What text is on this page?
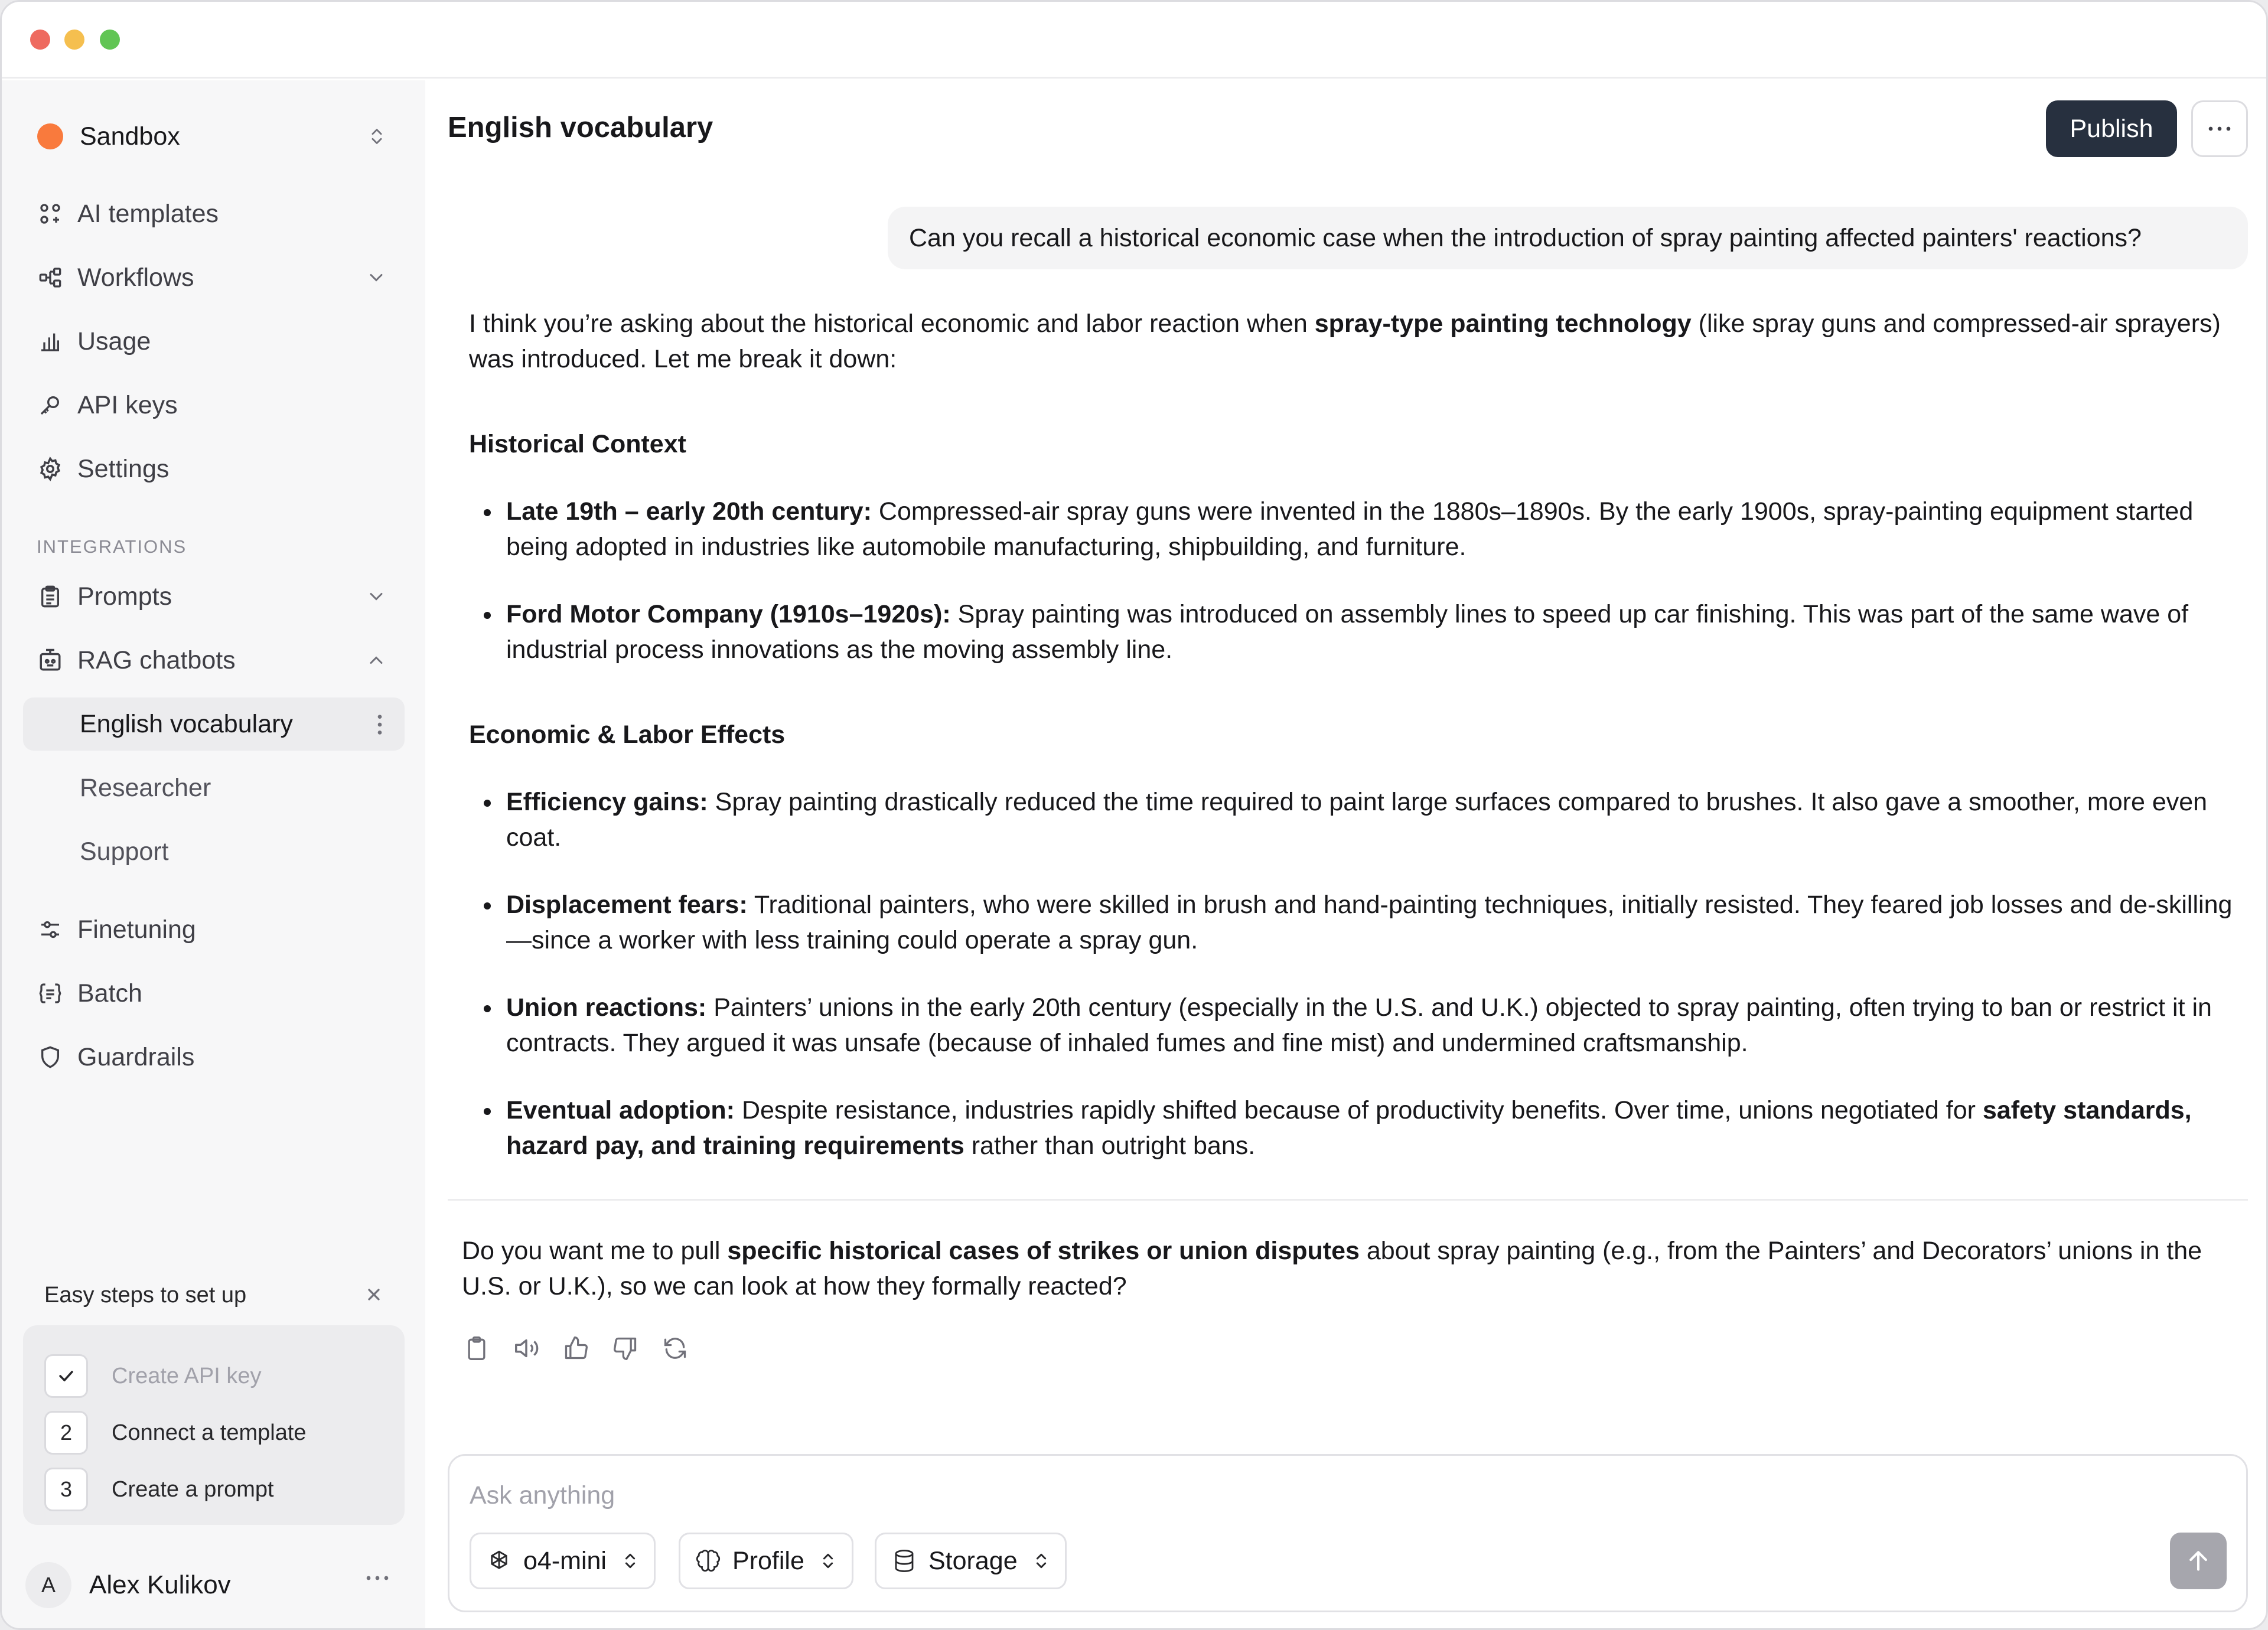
Sandbox
AI templates
Workflows
Usage
API keys
Settings
INTEGRATIONS
Prompts
RAG chatbots
English vocabulary
Researcher
Support
Finetuning
Batch
Guardrails
Easy steps to set up
Create API key
2	Connect a template
3	Create a prompt
A	Alex Kulikov
English vocabulary	Publish
Can you recall a historical economic case when the introduction of spray painting affected painters' reactions?

I think you’re asking about the historical economic and labor reaction when spray-type painting technology (like spray guns and compressed-air sprayers) was introduced. Let me break it down:

Historical Context
Late 19th – early 20th century: Compressed-air spray guns were invented in the 1880s–1890s. By the early 1900s, spray-painting equipment started being adopted in industries like automobile manufacturing, shipbuilding, and furniture.
Ford Motor Company (1910s–1920s): Spray painting was introduced on assembly lines to speed up car finishing. This was part of the same wave of industrial process innovations as the moving assembly line.
Economic & Labor Effects
Efficiency gains: Spray painting drastically reduced the time required to paint large surfaces compared to brushes. It also gave a smoother, more even coat.
Displacement fears: Traditional painters, who were skilled in brush and hand-painting techniques, initially resisted. They feared job losses and de-skilling—since a worker with less training could operate a spray gun.
Union reactions: Painters’ unions in the early 20th century (especially in the U.S. and U.K.) objected to spray painting, often trying to ban or restrict it in contracts. They argued it was unsafe (because of inhaled fumes and fine mist) and undermined craftsmanship.
Eventual adoption: Despite resistance, industries rapidly shifted because of productivity benefits. Over time, unions negotiated for safety standards, hazard pay, and training requirements rather than outright bans.
Do you want me to pull specific historical cases of strikes or union disputes about spray painting (e.g., from the Painters’ and Decorators’ unions in the U.S. or U.K.), so we can look at how they formally reacted?
Ask anything
o4-mini	Profile	Storage
